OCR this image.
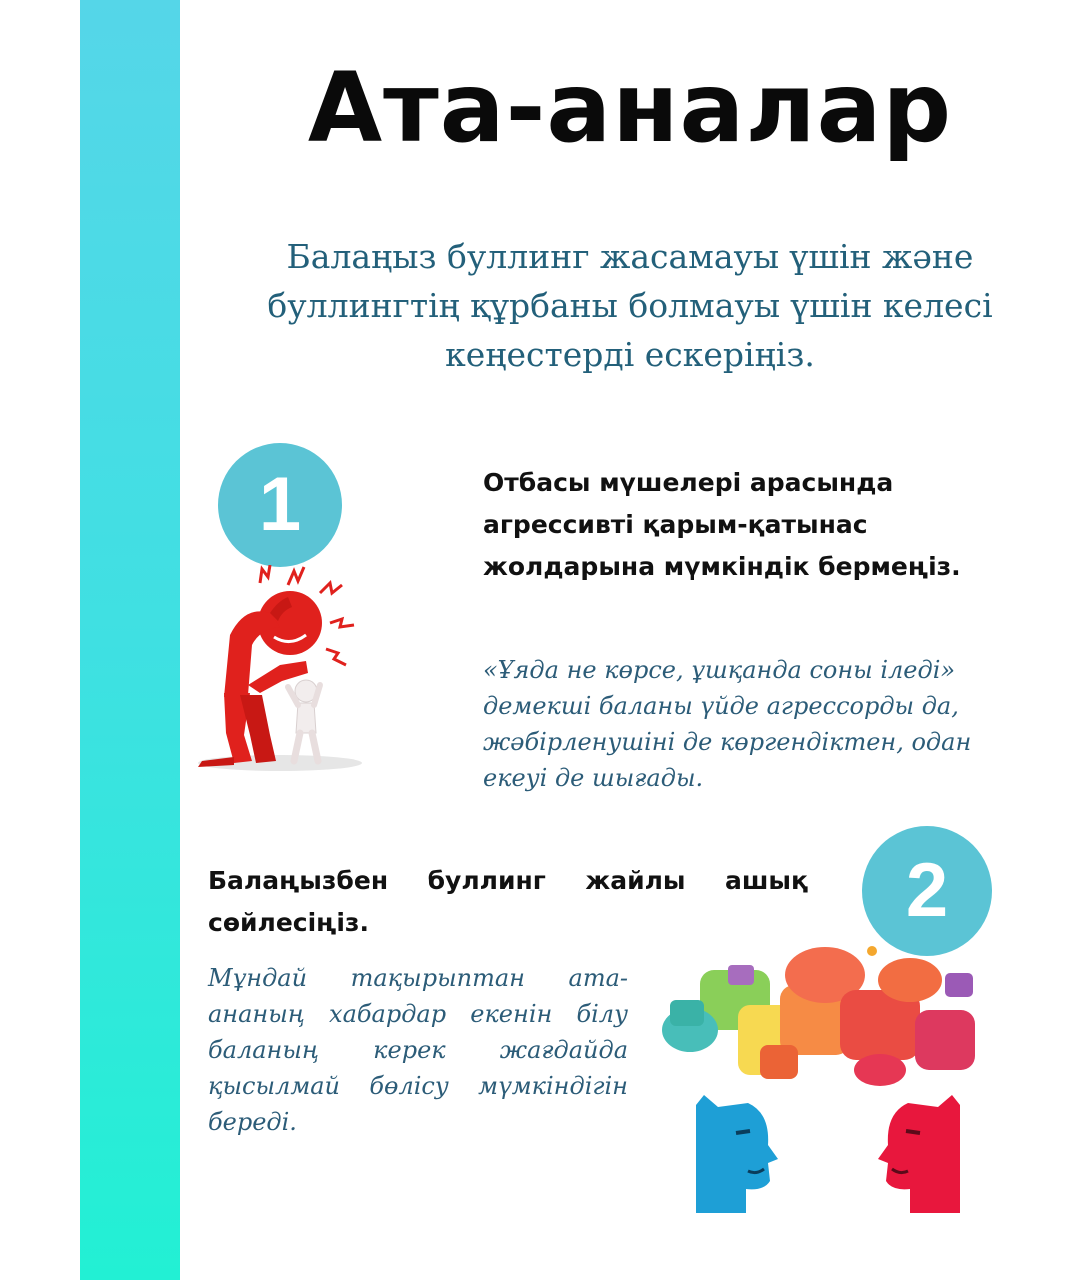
Ата-аналар
Балаңыз буллинг жасамауы үшін және буллингтің құрбаны болмауы үшін келесі кеңестерді ескеріңіз.
1	Отбасы мүшелері арасында агрессивті қарым-қатынас жолдарына мүмкіндік бермеңіз.
«Ұяда не көрсе, ұшқанда соны іледі» демекші баланы үйде агрессорды да, жәбірленушіні де көргендіктен, одан екеуі де шығады.
Балаңызбен буллинг жайлы ашық сөйлесіңіз.	2
Мұндай тақырыптан ата-ананың хабардар екенін білу баланың керек жағдайда қысылмай бөлісу мүмкіндігін береді.
